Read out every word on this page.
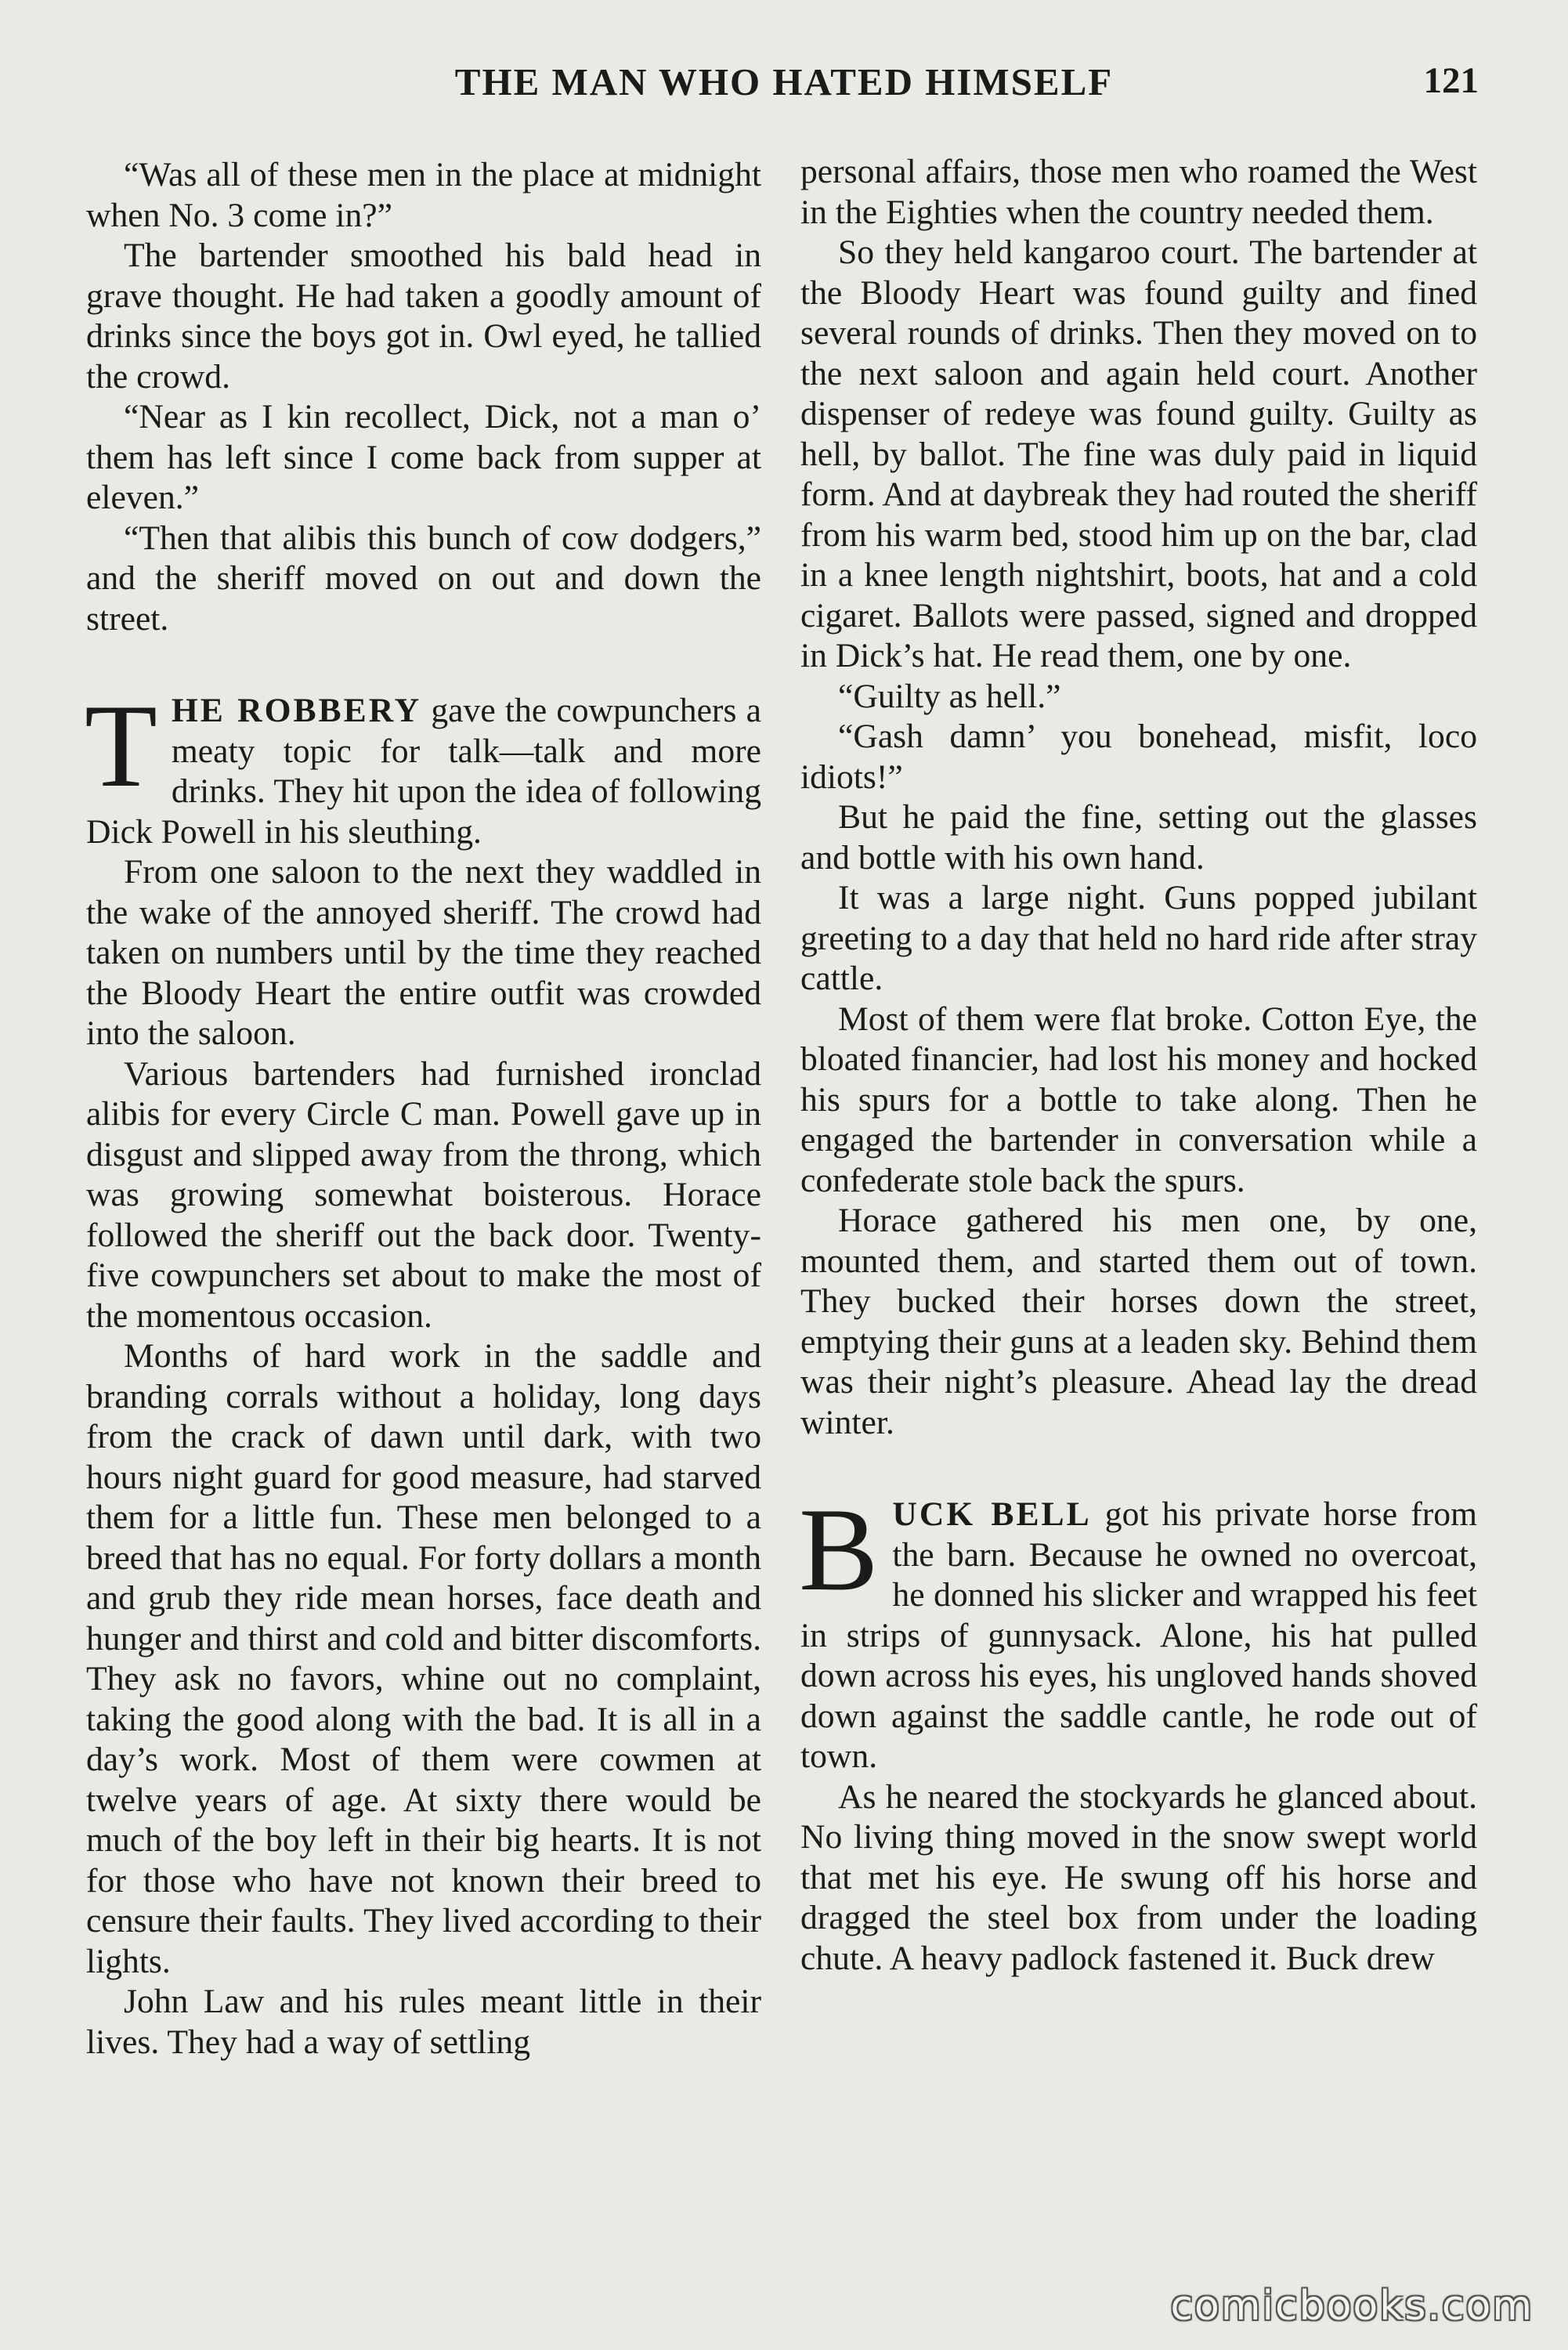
THE MAN WHO HATED HIMSELF	121

“Was all of these men in the place at midnight when No. 3 come in?”

The bartender smoothed his bald head in grave thought. He had taken a goodly amount of drinks since the boys got in. Owl eyed, he tallied the crowd.

“Near as I kin recollect, Dick, not a man o’ them has left since I come back from supper at eleven.”

“Then that alibis this bunch of cow dodgers,” and the sheriff moved on out and down the street.

THE ROBBERY gave the cowpunchers a meaty topic for talk—talk and more drinks. They hit upon the idea of following Dick Powell in his sleuthing.

From one saloon to the next they waddled in the wake of the annoyed sheriff. The crowd had taken on numbers until by the time they reached the Bloody Heart the entire outfit was crowded into the saloon.

Various bartenders had furnished ironclad alibis for every Circle C man. Powell gave up in disgust and slipped away from the throng, which was growing somewhat boisterous. Horace followed the sheriff out the back door. Twenty-five cowpunchers set about to make the most of the momentous occasion.

Months of hard work in the saddle and branding corrals without a holiday, long days from the crack of dawn until dark, with two hours night guard for good measure, had starved them for a little fun. These men belonged to a breed that has no equal. For forty dollars a month and grub they ride mean horses, face death and hunger and thirst and cold and bitter discomforts. They ask no favors, whine out no complaint, taking the good along with the bad. It is all in a day’s work. Most of them were cowmen at twelve years of age. At sixty there would be much of the boy left in their big hearts. It is not for those who have not known their breed to censure their faults. They lived according to their lights.

John Law and his rules meant little in their lives. They had a way of settling

personal affairs, those men who roamed the West in the Eighties when the country needed them.

So they held kangaroo court. The bartender at the Bloody Heart was found guilty and fined several rounds of drinks. Then they moved on to the next saloon and again held court. Another dispenser of redeye was found guilty. Guilty as hell, by ballot. The fine was duly paid in liquid form. And at daybreak they had routed the sheriff from his warm bed, stood him up on the bar, clad in a knee length nightshirt, boots, hat and a cold cigaret. Ballots were passed, signed and dropped in Dick’s hat. He read them, one by one.

“Guilty as hell.”

“Gash damn’ you bonehead, misfit, loco idiots!”

But he paid the fine, setting out the glasses and bottle with his own hand.

It was a large night. Guns popped jubilant greeting to a day that held no hard ride after stray cattle.

Most of them were flat broke. Cotton Eye, the bloated financier, had lost his money and hocked his spurs for a bottle to take along. Then he engaged the bartender in conversation while a confederate stole back the spurs.

Horace gathered his men one, by one, mounted them, and started them out of town. They bucked their horses down the street, emptying their guns at a leaden sky. Behind them was their night’s pleasure. Ahead lay the dread winter.

BUCK BELL got his private horse from the barn. Because he owned no overcoat, he donned his slicker and wrapped his feet in strips of gunnysack. Alone, his hat pulled down across his eyes, his ungloved hands shoved down against the saddle cantle, he rode out of town.

As he neared the stockyards he glanced about. No living thing moved in the snow swept world that met his eye. He swung off his horse and dragged the steel box from under the loading chute. A heavy padlock fastened it. Buck drew

comicbooks.com
